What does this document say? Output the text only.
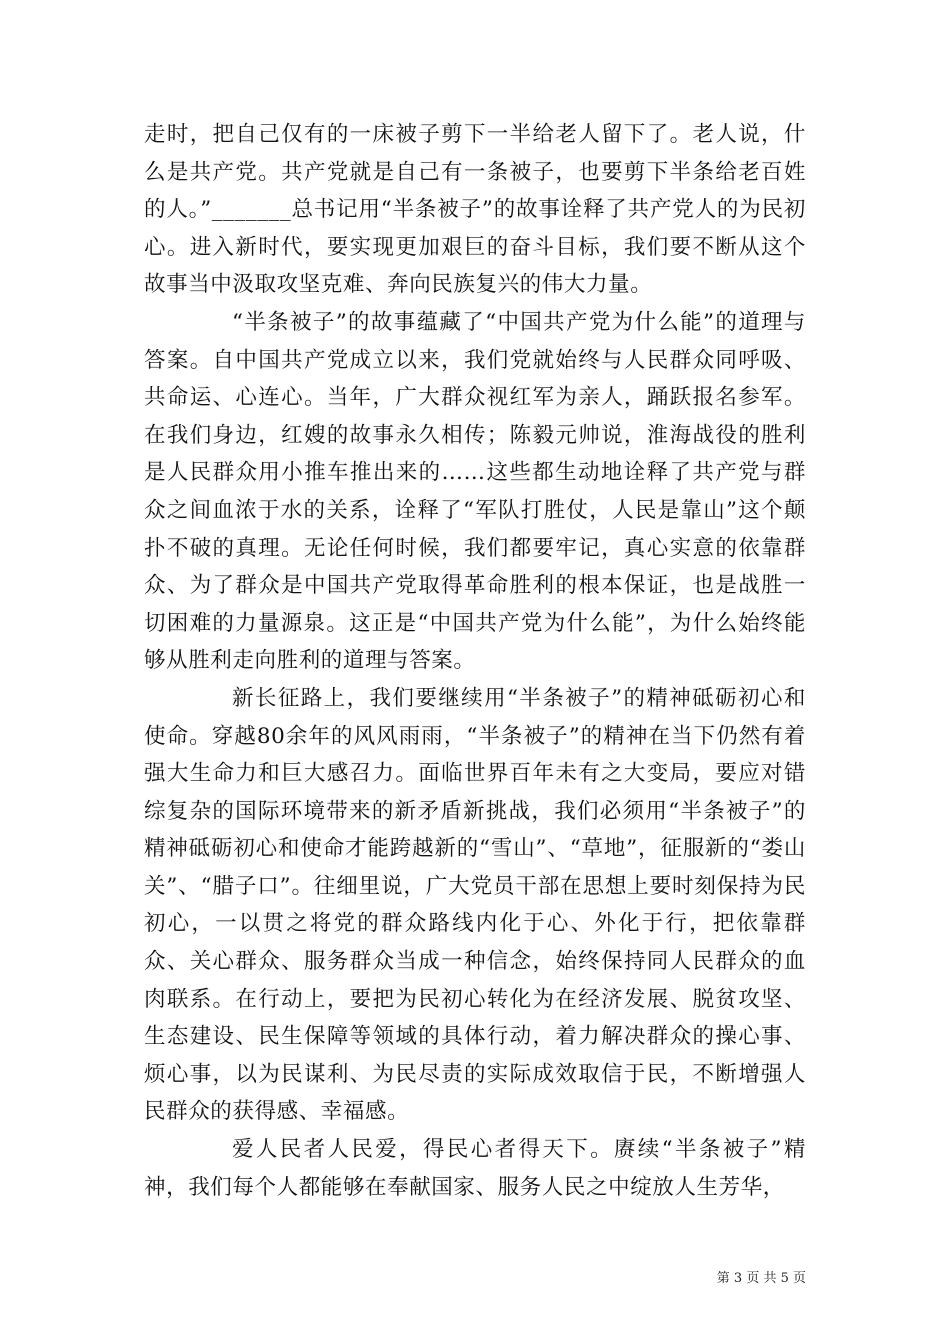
走时，把自己仅有的一床被子剪下一半给老人留下了。老人说，什么是共产党。共产党就是自己有一条被子，也要剪下半条给老百姓的人。”_______总书记用“半条被子”的故事诠释了共产党人的为民初心。进入新时代，要实现更加艰巨的奋斗目标，我们要不断从这个故事当中汲取攻坚克难、奔向民族复兴的伟大力量。

“半条被子”的故事蕴藏了“中国共产党为什么能”的道理与答案。自中国共产党成立以来，我们党就始终与人民群众同呼吸、共命运、心连心。当年，广大群众视红军为亲人，踊跃报名参军。在我们身边，红嫂的故事永久相传；陈毅元帅说，淮海战役的胜利是人民群众用小推车推出来的……这些都生动地诠释了共产党与群众之间血浓于水的关系，诠释了“军队打胜仗，人民是靠山”这个颠扑不破的真理。无论任何时候，我们都要牢记，真心实意的依靠群众、为了群众是中国共产党取得革命胜利的根本保证，也是战胜一切困难的力量源泉。这正是“中国共产党为什么能”，为什么始终能够从胜利走向胜利的道理与答案。

新长征路上，我们要继续用“半条被子”的精神砥砺初心和使命。穿越80余年的风风雨雨，“半条被子”的精神在当下仍然有着强大生命力和巨大感召力。面临世界百年未有之大变局，要应对错综复杂的国际环境带来的新矛盾新挑战，我们必须用“半条被子”的精神砥砺初心和使命才能跨越新的“雪山”、“草地”，征服新的“娄山关”、“腊子口”。往细里说，广大党员干部在思想上要时刻保持为民初心，一以贯之将党的群众路线内化于心、外化于行，把依靠群众、关心群众、服务群众当成一种信念，始终保持同人民群众的血肉联系。在行动上，要把为民初心转化为在经济发展、脱贫攻坚、生态建设、民生保障等领域的具体行动，着力解决群众的操心事、烦心事，以为民谋利、为民尽责的实际成效取信于民，不断增强人民群众的获得感、幸福感。

爱人民者人民爱，得民心者得天下。赓续“半条被子”精神，我们每个人都能够在奉献国家、服务人民之中绽放人生芳华，

第 3 页 共 5 页
